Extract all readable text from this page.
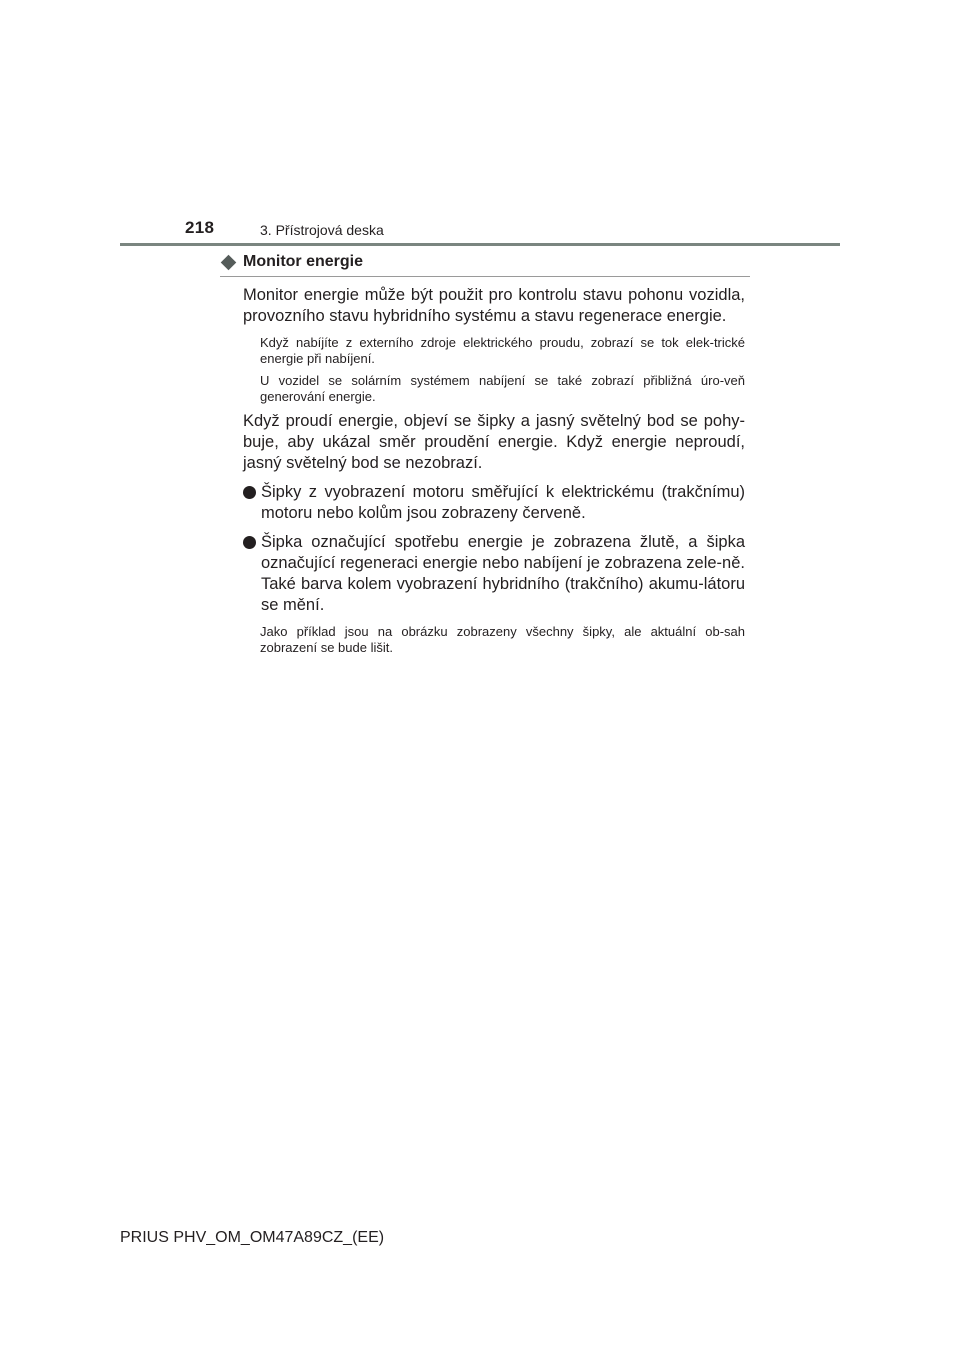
218	3. Přístrojová deska
Monitor energie

Monitor energie může být použit pro kontrolu stavu pohonu vozidla, provozního stavu hybridního systému a stavu regenerace energie.

Když nabíjíte z externího zdroje elektrického proudu, zobrazí se tok elek-trické energie při nabíjení.

U vozidel se solárním systémem nabíjení se také zobrazí přibližná úro-veň generování energie.

Když proudí energie, objeví se šipky a jasný světelný bod se pohy-buje, aby ukázal směr proudění energie. Když energie neproudí, jasný světelný bod se nezobrazí.

Šipky z vyobrazení motoru směřující k elektrickému (trakčnímu) motoru nebo kolům jsou zobrazeny červeně.
Šipka označující spotřebu energie je zobrazena žlutě, a šipka označující regeneraci energie nebo nabíjení je zobrazena zele-ně. Také barva kolem vyobrazení hybridního (trakčního) akumu-látoru se mění.

Jako příklad jsou na obrázku zobrazeny všechny šipky, ale aktuální ob-sah zobrazení se bude lišit.

PRIUS PHV_OM_OM47A89CZ_(EE)
